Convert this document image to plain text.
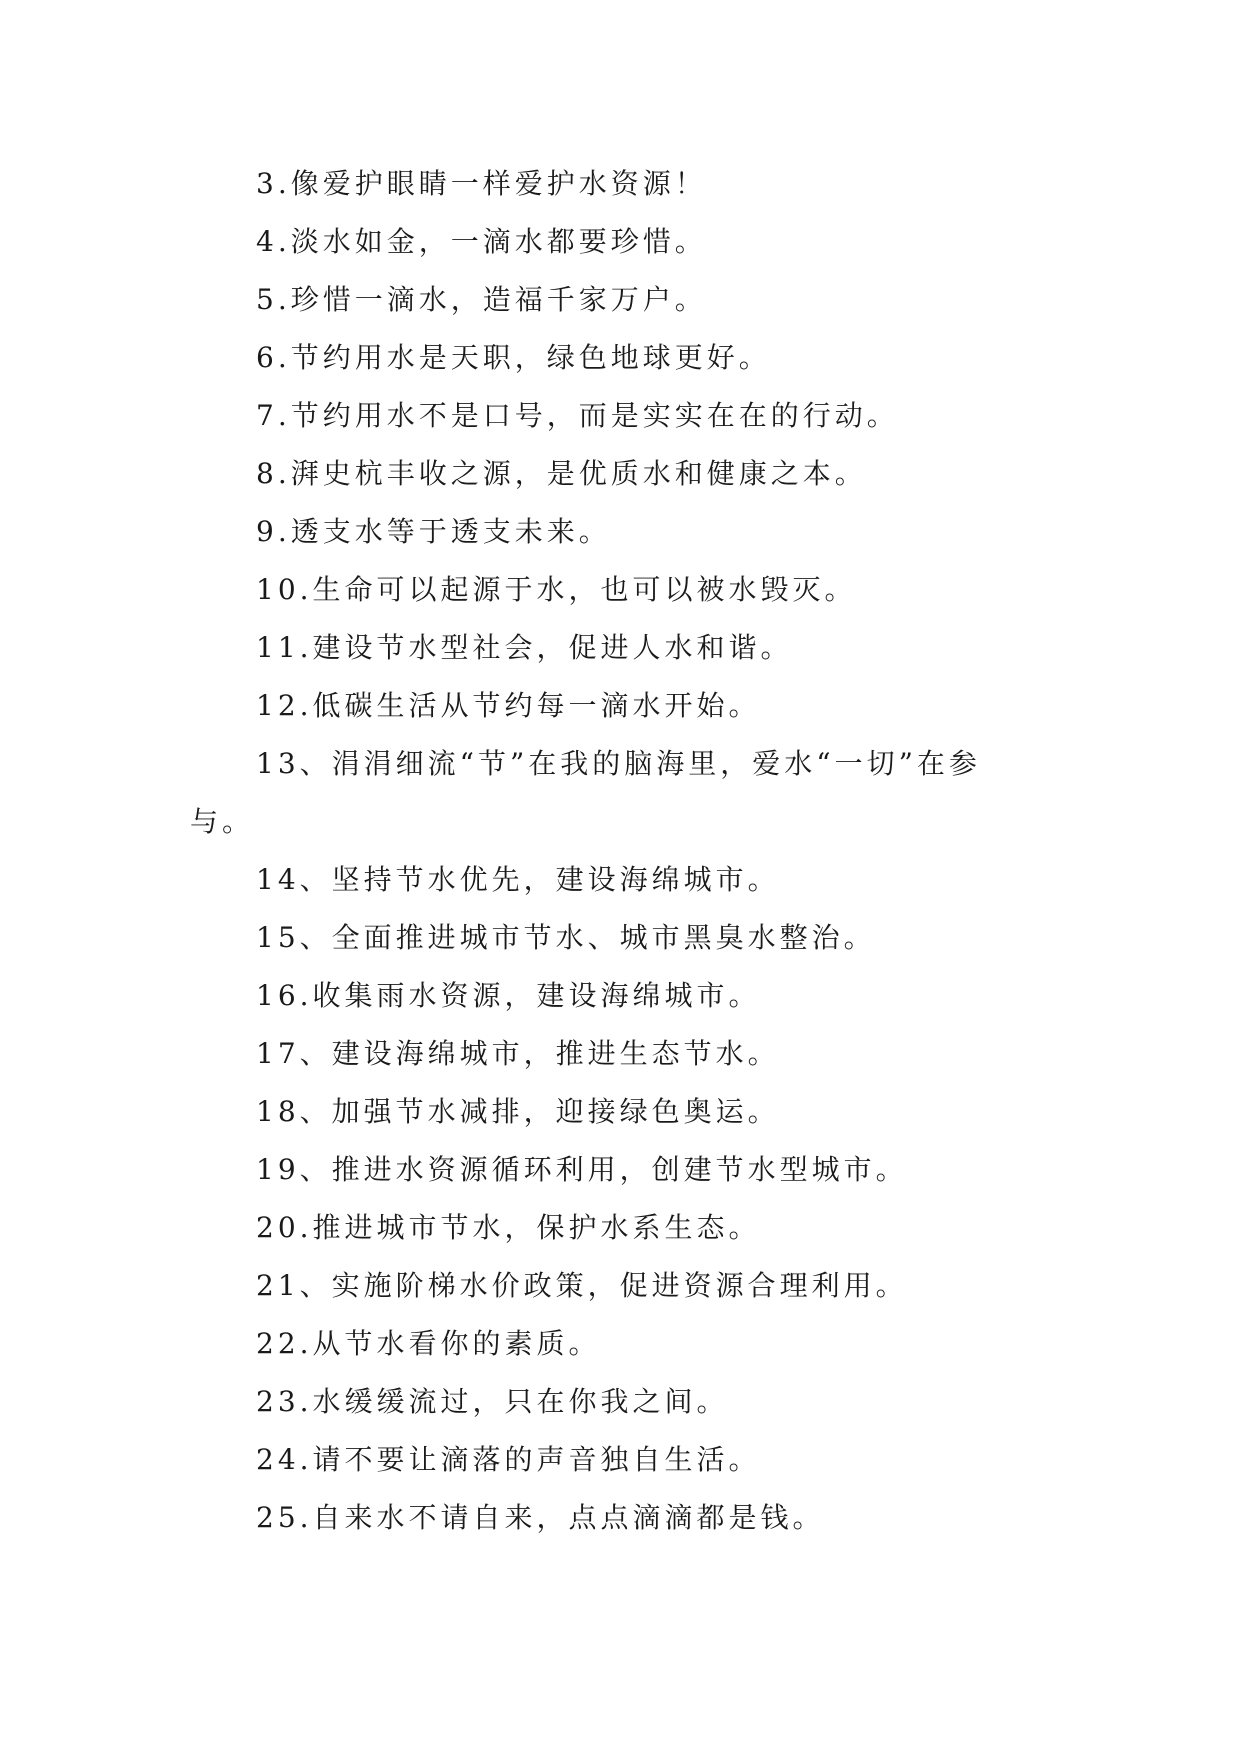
3.像爱护眼睛一样爱护水资源！
4.淡水如金，一滴水都要珍惜。
5.珍惜一滴水，造福千家万户。
6.节约用水是天职，绿色地球更好。
7.节约用水不是口号，而是实实在在的行动。
8.湃史杭丰收之源，是优质水和健康之本。
9.透支水等于透支未来。
10.生命可以起源于水，也可以被水毁灭。
11.建设节水型社会，促进人水和谐。
12.低碳生活从节约每一滴水开始。
13、涓涓细流“节”在我的脑海里，爱水“一切”在参
与。
14、坚持节水优先，建设海绵城市。
15、全面推进城市节水、城市黑臭水整治。
16.收集雨水资源，建设海绵城市。
17、建设海绵城市，推进生态节水。
18、加强节水减排，迎接绿色奥运。
19、推进水资源循环利用，创建节水型城市。
20.推进城市节水，保护水系生态。
21、实施阶梯水价政策，促进资源合理利用。
22.从节水看你的素质。
23.水缓缓流过，只在你我之间。
24.请不要让滴落的声音独自生活。
25.自来水不请自来，点点滴滴都是钱。
